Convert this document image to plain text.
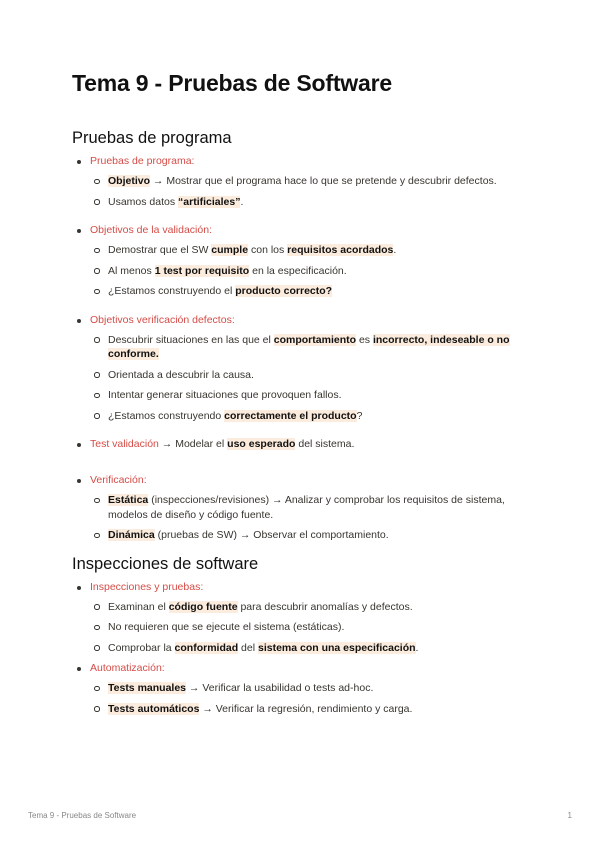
Tema 9 - Pruebas de Software
Pruebas de programa
Pruebas de programa:
Objetivo → Mostrar que el programa hace lo que se pretende y descubrir defectos.
Usamos datos “artificiales”.
Objetivos de la validación:
Demostrar que el SW cumple con los requisitos acordados.
Al menos 1 test por requisito en la especificación.
¿Estamos construyendo el producto correcto?
Objetivos verificación defectos:
Descubrir situaciones en las que el comportamiento es incorrecto, indeseable o no conforme.
Orientada a descubrir la causa.
Intentar generar situaciones que provoquen fallos.
¿Estamos construyendo correctamente el producto?
Test validación → Modelar el uso esperado del sistema.
Verificación:
Estática (inspecciones/revisiones) → Analizar y comprobar los requisitos de sistema, modelos de diseño y código fuente.
Dinámica (pruebas de SW) → Observar el comportamiento.
Inspecciones de software
Inspecciones y pruebas:
Examinan el código fuente para descubrir anomalías y defectos.
No requieren que se ejecute el sistema (estáticas).
Comprobar la conformidad del sistema con una especificación.
Automatización:
Tests manuales → Verificar la usabilidad o tests ad-hoc.
Tests automáticos → Verificar la regresión, rendimiento y carga.
Tema 9 - Pruebas de Software	1
